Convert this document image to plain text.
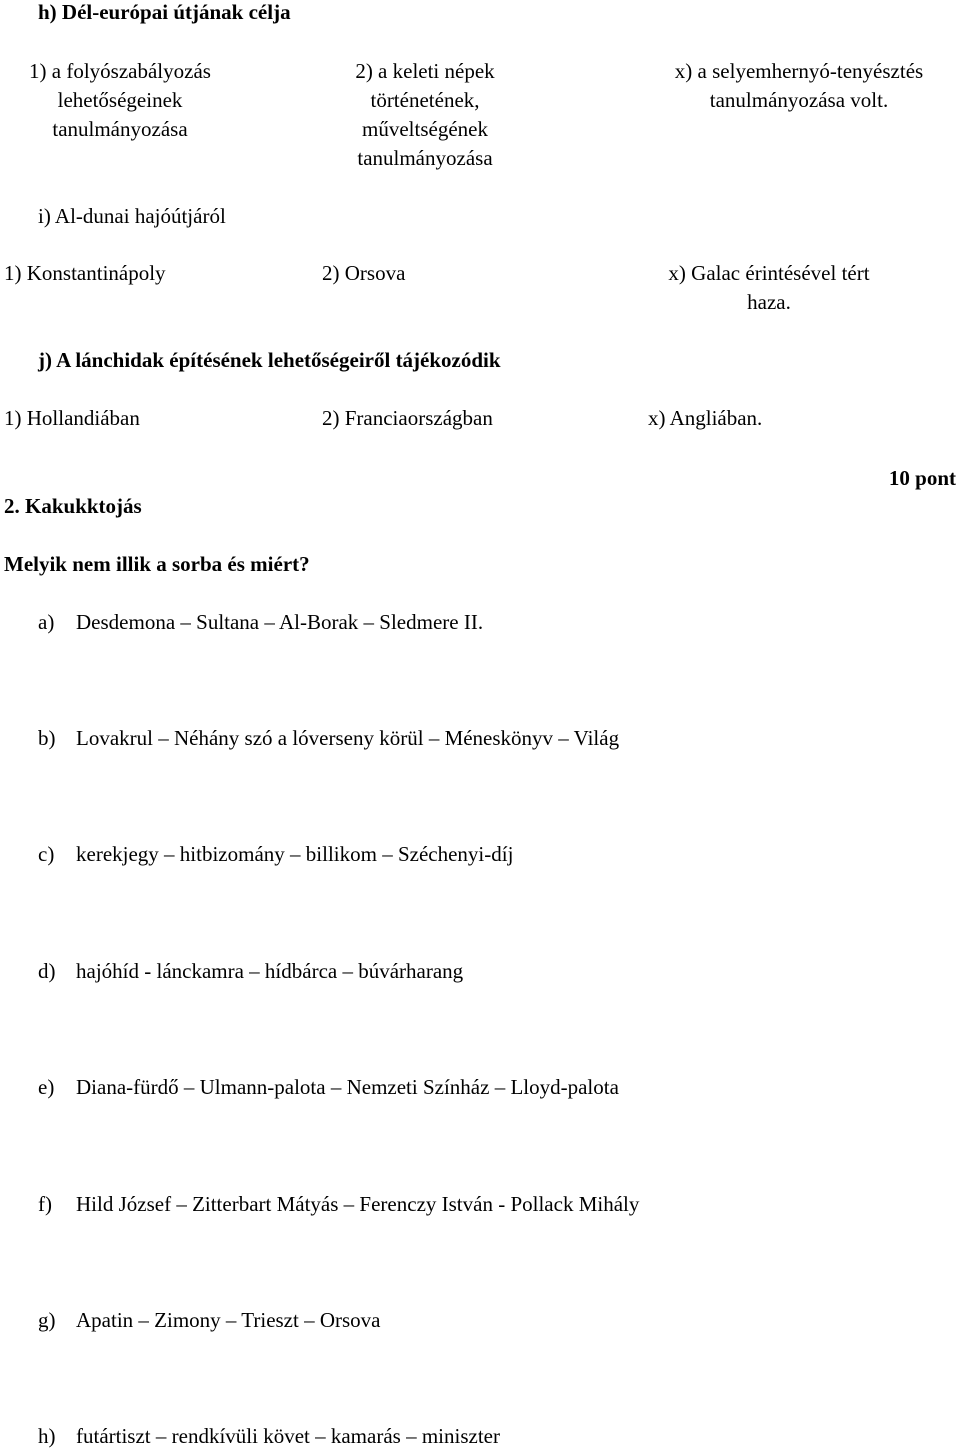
h) Dél-európai útjának célja
1) a folyószabályozás
lehetőségeinek
tanulmányozása
2) a keleti népek
történetének,
műveltségének
tanulmányozása
x) a selyemhernyó-tenyésztés
tanulmányozása volt.
i) Al-dunai hajóútjáról
1) Konstantinápoly	2) Orsova	x) Galac érintésével tért
haza.
j) A lánchidak építésének lehetőségeiről tájékozódik
1) Hollandiában	2) Franciaországban	x) Angliában.
10 pont
2. Kakukktojás
Melyik nem illik a sorba és miért?
a) Desdemona – Sultana – Al-Borak – Sledmere II.
b) Lovakrul – Néhány szó a lóverseny körül – Méneskönyv – Világ
c) kerekjegy – hitbizomány – billikom – Széchenyi-díj
d) hajóhíd - lánckamra – hídbárca – búvárharang
e) Diana-fürdő – Ulmann-palota – Nemzeti Színház – Lloyd-palota
f) Hild József – Zitterbart Mátyás – Ferenczy István - Pollack Mihály
g) Apatin – Zimony – Trieszt – Orsova
h) futártiszt – rendkívüli követ – kamarás – miniszter
